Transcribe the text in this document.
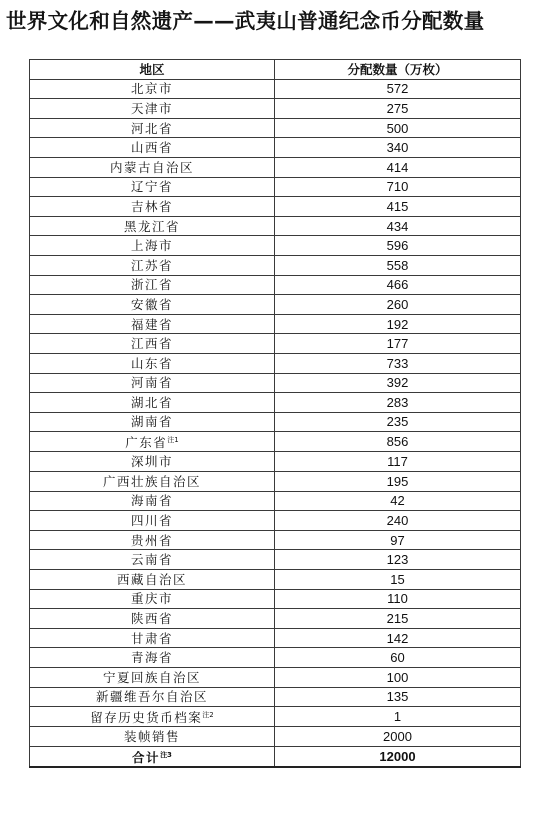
世界文化和自然遗产——武夷山普通纪念币分配数量
地区	分配数量（万枚）
北京市	572
天津市	275
河北省	500
山西省	340
内蒙古自治区	414
辽宁省	710
吉林省	415
黑龙江省	434
上海市	596
江苏省	558
浙江省	466
安徽省	260
福建省	192
江西省	177
山东省	733
河南省	392
湖北省	283
湖南省	235
广东省$^{注1}$	856
深圳市	117
广西壮族自治区	195
海南省	42
四川省	240
贵州省	97
云南省	123
西藏自治区	15
重庆市	110
陕西省	215
甘肃省	142
青海省	60
宁夏回族自治区	100
新疆维吾尔自治区	135
留存历史货币档案$^{注2}$	1
装帧销售	2000
合计$^{注3}$	12000
